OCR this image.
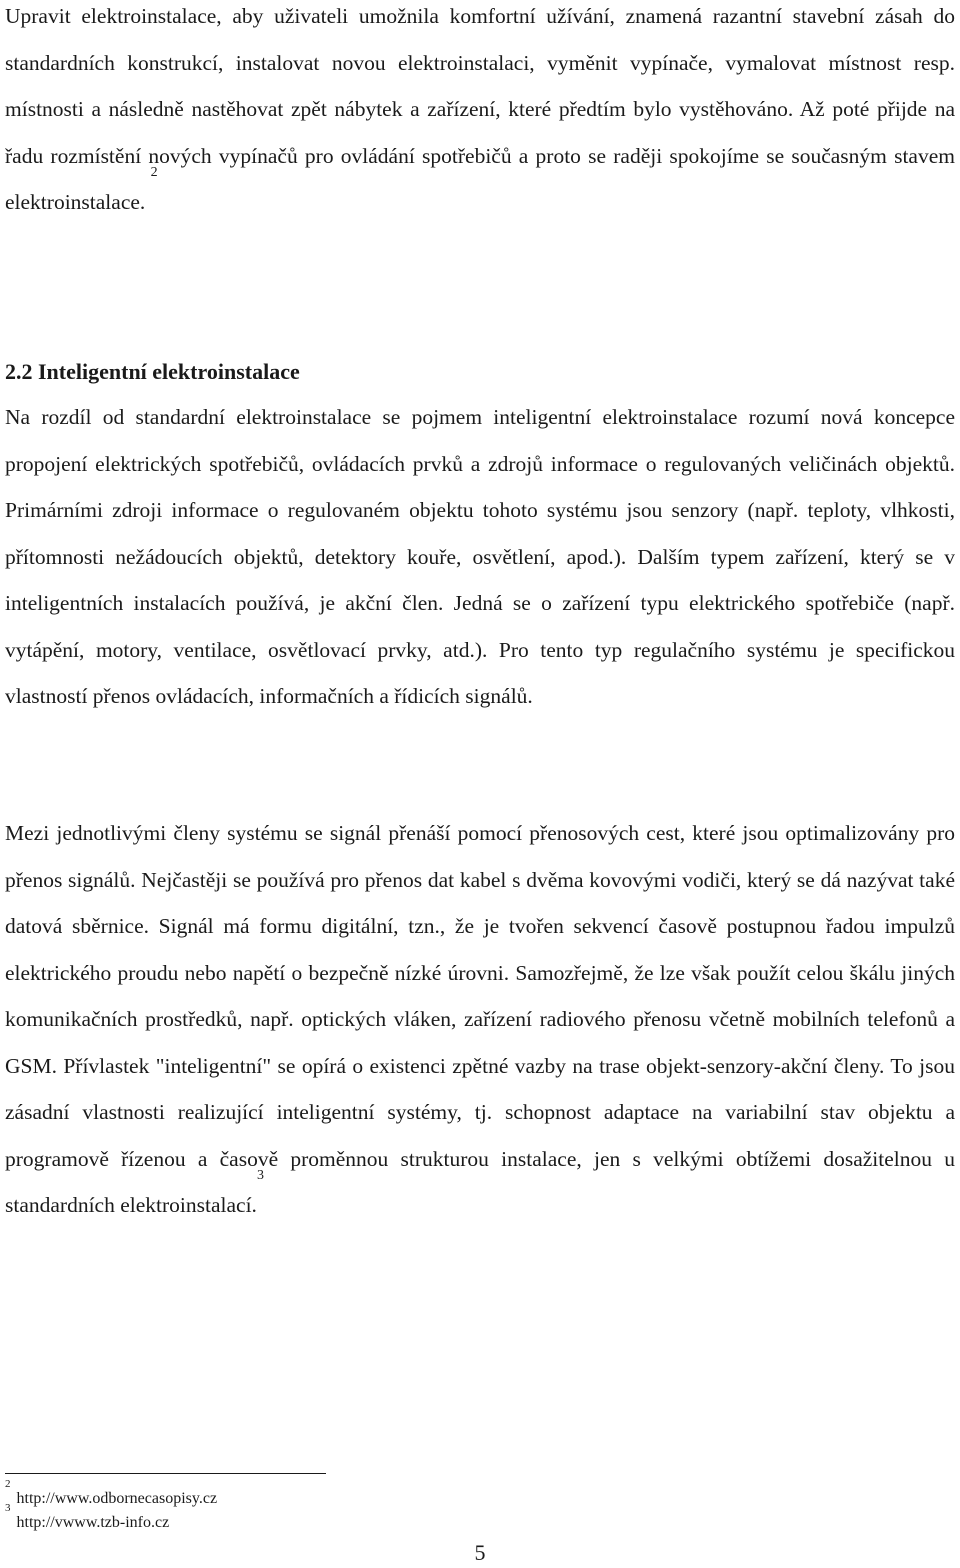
Upravit elektroinstalace, aby uživateli umožnila komfortní užívání, znamená razantní stavební zásah do standardních konstrukcí, instalovat novou elektroinstalaci, vyměnit vypínače, vymalovat místnost resp. místnosti a následně nastěhovat zpět nábytek a zařízení, které předtím bylo vystěhováno. Až poté přijde na řadu rozmístění nových vypínačů pro ovládání spotřebičů a proto se raději spokojíme se současným stavem elektroinstalace. $^2$

2.2 Inteligentní elektroinstalace

Na rozdíl od standardní elektroinstalace se pojmem inteligentní elektroinstalace rozumí nová koncepce propojení elektrických spotřebičů, ovládacích prvků a zdrojů informace o regulovaných veličinách objektů. Primárními zdroji informace o regulovaném objektu tohoto systému jsou senzory (např. teploty, vlhkosti, přítomnosti nežádoucích objektů, detektory kouře, osvětlení, apod.). Dalším typem zařízení, který se v inteligentních instalacích používá, je akční člen. Jedná se o zařízení typu elektrického spotřebiče (např. vytápění, motory, ventilace, osvětlovací prvky, atd.). Pro tento typ regulačního systému je specifickou vlastností přenos ovládacích, informačních a řídicích signálů.

Mezi jednotlivými členy systému se signál přenáší pomocí přenosových cest, které jsou optimalizovány pro přenos signálů. Nejčastěji se používá pro přenos dat kabel s dvěma kovovými vodiči, který se dá nazývat také datová sběrnice. Signál má formu digitální, tzn., že je tvořen sekvencí časově postupnou řadou impulzů elektrického proudu nebo napětí o bezpečně nízké úrovni. Samozřejmě, že lze však použít celou škálu jiných komunikačních prostředků, např. optických vláken, zařízení radiového přenosu včetně mobilních telefonů a GSM. Přívlastek "inteligentní" se opírá o existenci zpětné vazby na trase objekt-senzory-akční členy. To jsou zásadní vlastnosti realizující inteligentní systémy, tj. schopnost adaptace na variabilní stav objektu a programově řízenou a časově proměnnou strukturou instalace, jen s velkými obtížemi dosažitelnou u standardních elektroinstalací.$^3$

$^2$http://www.odbornecasopisy.cz

$^3$http://vwww.tzb-info.cz

5
